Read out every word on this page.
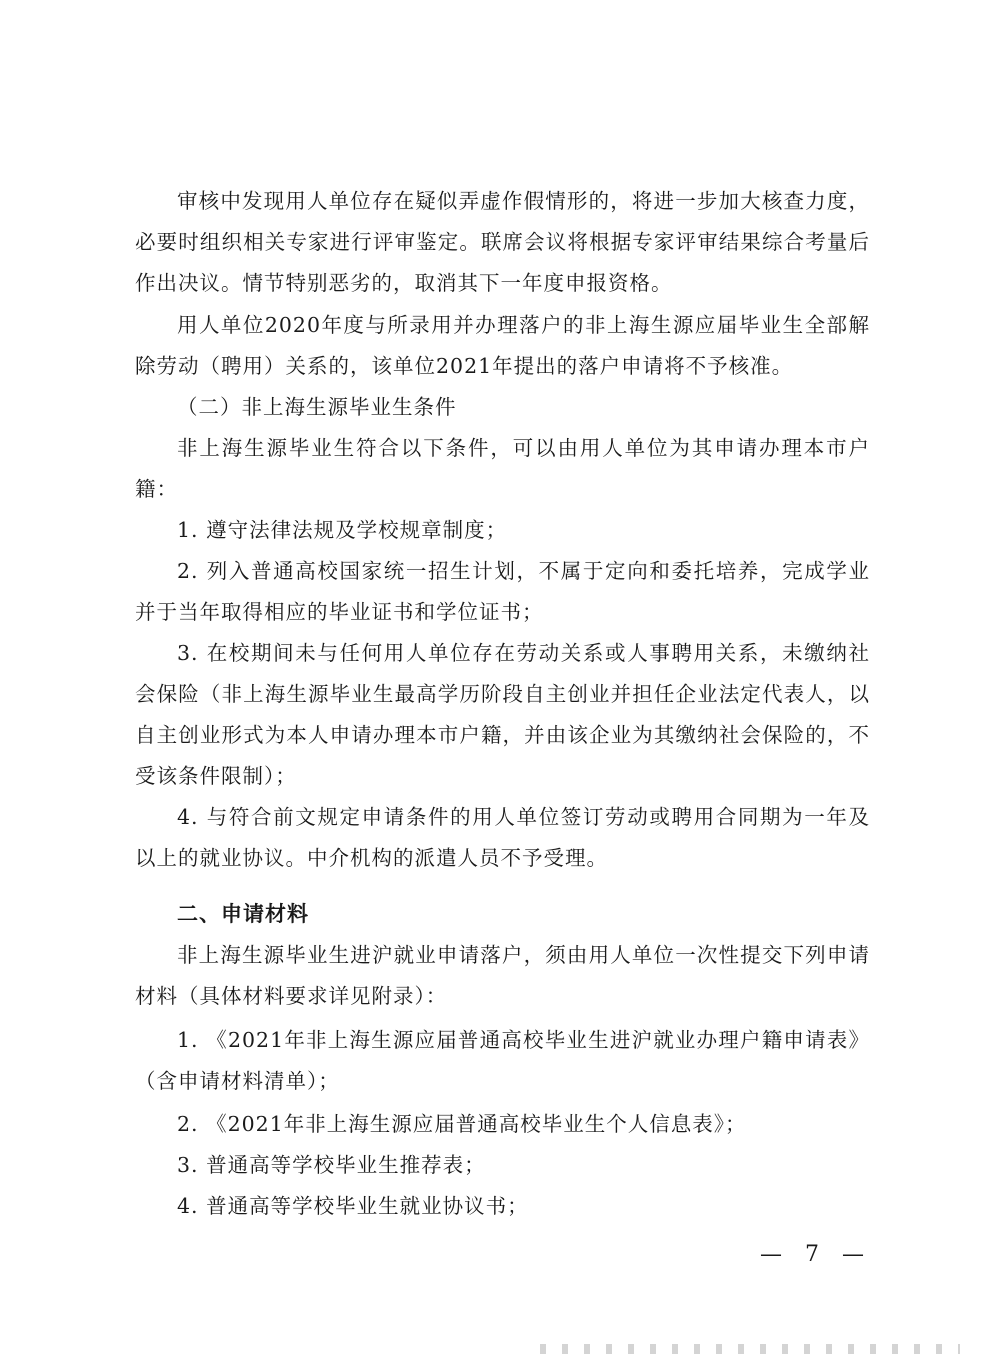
审核中发现用人单位存在疑似弄虚作假情形的，将进一步加大核查力度，必要时组织相关专家进行评审鉴定。联席会议将根据专家评审结果综合考量后作出决议。情节特别恶劣的，取消其下一年度申报资格。

用人单位2020年度与所录用并办理落户的非上海生源应届毕业生全部解除劳动（聘用）关系的，该单位2021年提出的落户申请将不予核准。

（二）非上海生源毕业生条件

非上海生源毕业生符合以下条件，可以由用人单位为其申请办理本市户籍：

1. 遵守法律法规及学校规章制度；

2. 列入普通高校国家统一招生计划，不属于定向和委托培养，完成学业并于当年取得相应的毕业证书和学位证书；

3. 在校期间未与任何用人单位存在劳动关系或人事聘用关系，未缴纳社会保险（非上海生源毕业生最高学历阶段自主创业并担任企业法定代表人，以自主创业形式为本人申请办理本市户籍，并由该企业为其缴纳社会保险的，不受该条件限制）；

4. 与符合前文规定申请条件的用人单位签订劳动或聘用合同期为一年及以上的就业协议。中介机构的派遣人员不予受理。

二、申请材料

非上海生源毕业生进沪就业申请落户，须由用人单位一次性提交下列申请材料（具体材料要求详见附录）：

1. 《2021年非上海生源应届普通高校毕业生进沪就业办理户籍申请表》（含申请材料清单）；

2. 《2021年非上海生源应届普通高校毕业生个人信息表》；

3. 普通高等学校毕业生推荐表；

4. 普通高等学校毕业生就业协议书；

— 7 —
